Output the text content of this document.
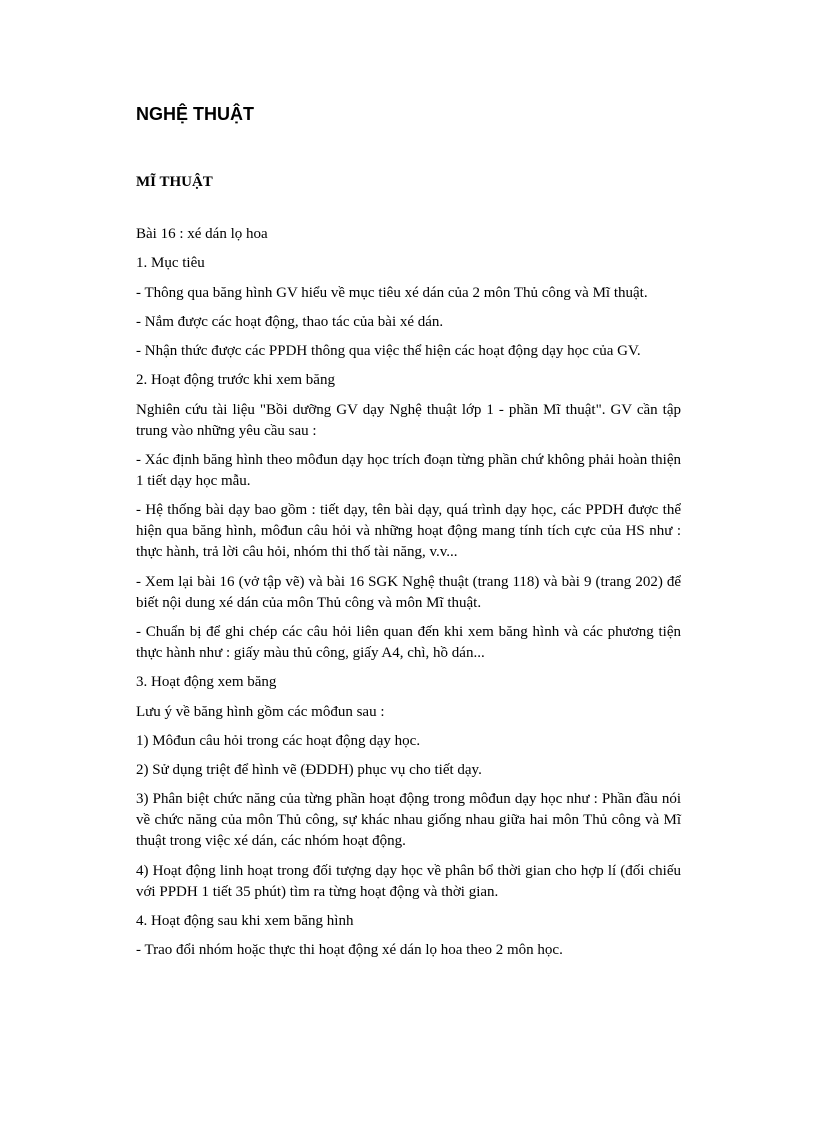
NGHỆ THUẬT
MĨ THUẬT

Bài 16 : xé dán lọ hoa

1. Mục tiêu

- Thông qua băng hình GV hiểu về mục tiêu xé dán của 2 môn Thủ công và Mĩ thuật.

- Nắm được các hoạt động, thao tác của bài xé dán.

- Nhận thức được các PPDH thông qua việc thể hiện các hoạt động dạy học của GV.

2. Hoạt động trước khi xem băng

Nghiên cứu tài liệu "Bồi dưỡng GV dạy Nghệ thuật lớp 1 - phần Mĩ thuật". GV cần tập trung vào những yêu cầu sau :

- Xác định băng hình theo môđun dạy học trích đoạn từng phần chứ không phải hoàn thiện 1 tiết dạy học mẫu.

- Hệ thống bài dạy bao gồm : tiết dạy, tên bài dạy, quá trình dạy học, các PPDH được thể hiện qua băng hình, môđun câu hỏi và những hoạt động mang tính tích cực của HS như : thực hành, trả lời câu hỏi, nhóm thi thố tài năng, v.v...

- Xem lại bài 16 (vở tập vẽ) và bài 16 SGK Nghệ thuật (trang 118) và bài 9 (trang 202) để biết nội dung xé dán của môn Thủ công và môn Mĩ thuật.

- Chuẩn bị để ghi chép các câu hỏi liên quan đến khi xem băng hình và các phương tiện thực hành như : giấy màu thủ công, giấy A4, chì, hồ dán...

3. Hoạt động xem băng

Lưu ý về băng hình gồm các môđun sau :

1) Môđun câu hỏi trong các hoạt động dạy học.

2) Sử dụng triệt để hình vẽ (ĐDDH) phục vụ cho tiết dạy.

3) Phân biệt chức năng của từng phần hoạt động trong môđun dạy học như : Phần đầu nói về chức năng của môn Thủ công, sự khác nhau giống nhau giữa hai môn Thủ công và Mĩ thuật trong việc xé dán, các nhóm hoạt động.

4) Hoạt động linh hoạt trong đối tượng dạy học về phân bổ thời gian cho hợp lí (đối chiếu với PPDH 1 tiết 35 phút) tìm ra từng hoạt động và thời gian.

4. Hoạt động sau khi xem băng hình

- Trao đổi nhóm hoặc thực thi hoạt động xé dán lọ hoa theo 2 môn học.
